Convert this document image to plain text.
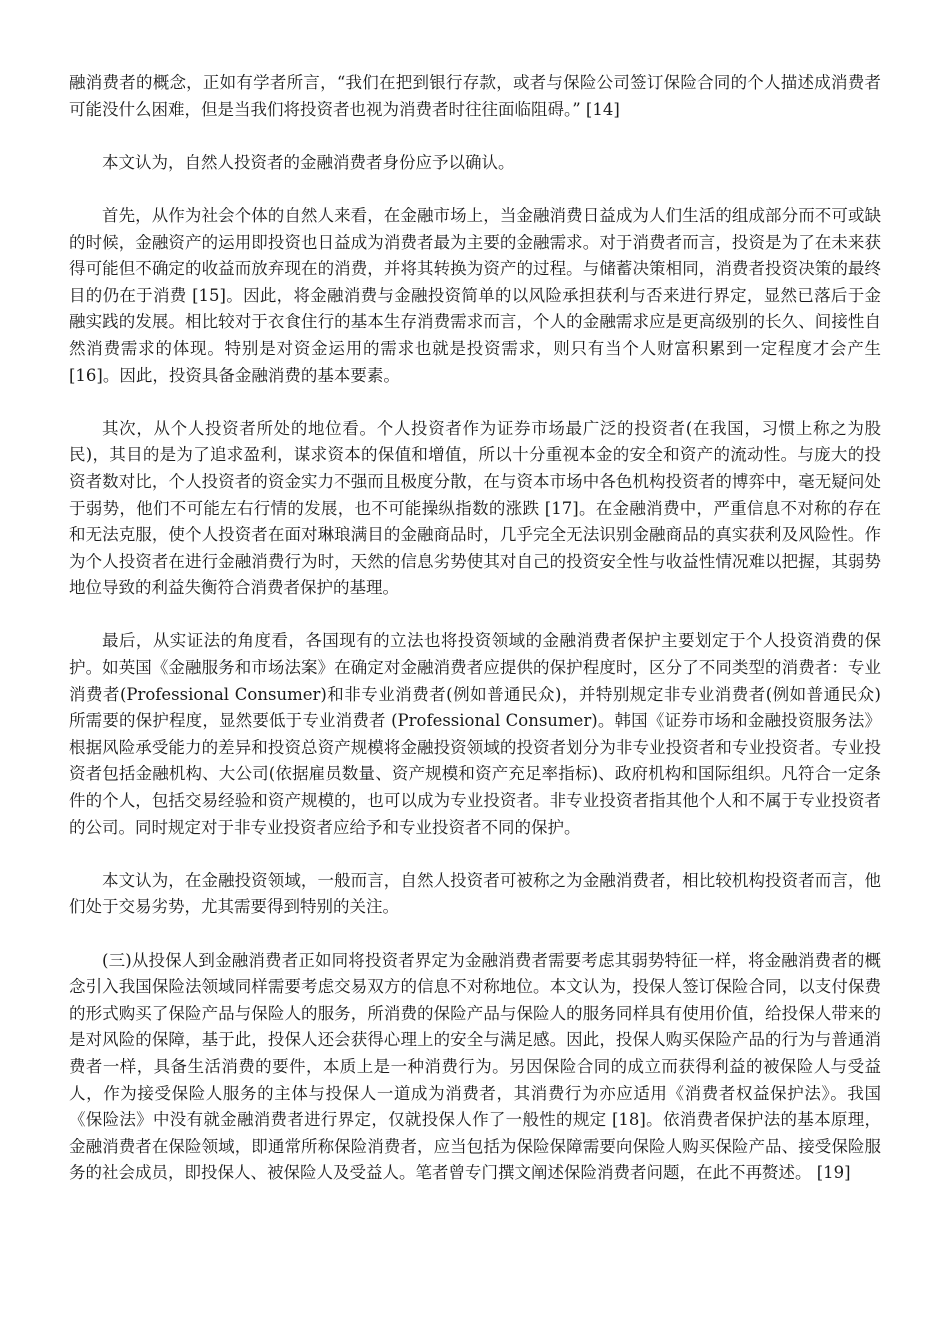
融消费者的概念，正如有学者所言，“我们在把到银行存款，或者与保险公司签订保险合同的个人描述成消费者可能没什么困难，但是当我们将投资者也视为消费者时往往面临阻碍。” [14]

本文认为，自然人投资者的金融消费者身份应予以确认。

首先，从作为社会个体的自然人来看，在金融市场上，当金融消费日益成为人们生活的组成部分而不可或缺的时候，金融资产的运用即投资也日益成为消费者最为主要的金融需求。对于消费者而言，投资是为了在未来获得可能但不确定的收益而放弃现在的消费，并将其转换为资产的过程。与储蓄决策相同，消费者投资决策的最终目的仍在于消费 [15]。因此，将金融消费与金融投资简单的以风险承担获利与否来进行界定，显然已落后于金融实践的发展。相比较对于衣食住行的基本生存消费需求而言，个人的金融需求应是更高级别的长久、间接性自然消费需求的体现。特别是对资金运用的需求也就是投资需求，则只有当个人财富积累到一定程度才会产生 [16]。因此，投资具备金融消费的基本要素。

其次，从个人投资者所处的地位看。个人投资者作为证券市场最广泛的投资者(在我国，习惯上称之为股民)，其目的是为了追求盈利，谋求资本的保值和增值，所以十分重视本金的安全和资产的流动性。与庞大的投资者数对比，个人投资者的资金实力不强而且极度分散，在与资本市场中各色机构投资者的博弈中，毫无疑问处于弱势，他们不可能左右行情的发展，也不可能操纵指数的涨跌 [17]。在金融消费中，严重信息不对称的存在和无法克服，使个人投资者在面对琳琅满目的金融商品时，几乎完全无法识别金融商品的真实获利及风险性。作为个人投资者在进行金融消费行为时，天然的信息劣势使其对自己的投资安全性与收益性情况难以把握，其弱势地位导致的利益失衡符合消费者保护的基理。

最后，从实证法的角度看，各国现有的立法也将投资领域的金融消费者保护主要划定于个人投资消费的保护。如英国《金融服务和市场法案》在确定对金融消费者应提供的保护程度时，区分了不同类型的消费者：专业消费者(Professional Consumer)和非专业消费者(例如普通民众)，并特别规定非专业消费者(例如普通民众) 所需要的保护程度，显然要低于专业消费者 (Professional Consumer)。韩国《证券市场和金融投资服务法》根据风险承受能力的差异和投资总资产规模将金融投资领域的投资者划分为非专业投资者和专业投资者。专业投资者包括金融机构、大公司(依据雇员数量、资产规模和资产充足率指标)、政府机构和国际组织。凡符合一定条件的个人，包括交易经验和资产规模的，也可以成为专业投资者。非专业投资者指其他个人和不属于专业投资者的公司。同时规定对于非专业投资者应给予和专业投资者不同的保护。

本文认为，在金融投资领域，一般而言，自然人投资者可被称之为金融消费者，相比较机构投资者而言，他们处于交易劣势，尤其需要得到特别的关注。

(三)从投保人到金融消费者正如同将投资者界定为金融消费者需要考虑其弱势特征一样，将金融消费者的概念引入我国保险法领域同样需要考虑交易双方的信息不对称地位。本文认为，投保人签订保险合同，以支付保费的形式购买了保险产品与保险人的服务，所消费的保险产品与保险人的服务同样具有使用价值，给投保人带来的是对风险的保障，基于此，投保人还会获得心理上的安全与满足感。因此，投保人购买保险产品的行为与普通消费者一样，具备生活消费的要件，本质上是一种消费行为。另因保险合同的成立而获得利益的被保险人与受益人，作为接受保险人服务的主体与投保人一道成为消费者，其消费行为亦应适用《消费者权益保护法》。我国《保险法》中没有就金融消费者进行界定，仅就投保人作了一般性的规定 [18]。依消费者保护法的基本原理，金融消费者在保险领域，即通常所称保险消费者，应当包括为保险保障需要向保险人购买保险产品、接受保险服务的社会成员，即投保人、被保险人及受益人。笔者曾专门撰文阐述保险消费者问题，在此不再赘述。 [19]
